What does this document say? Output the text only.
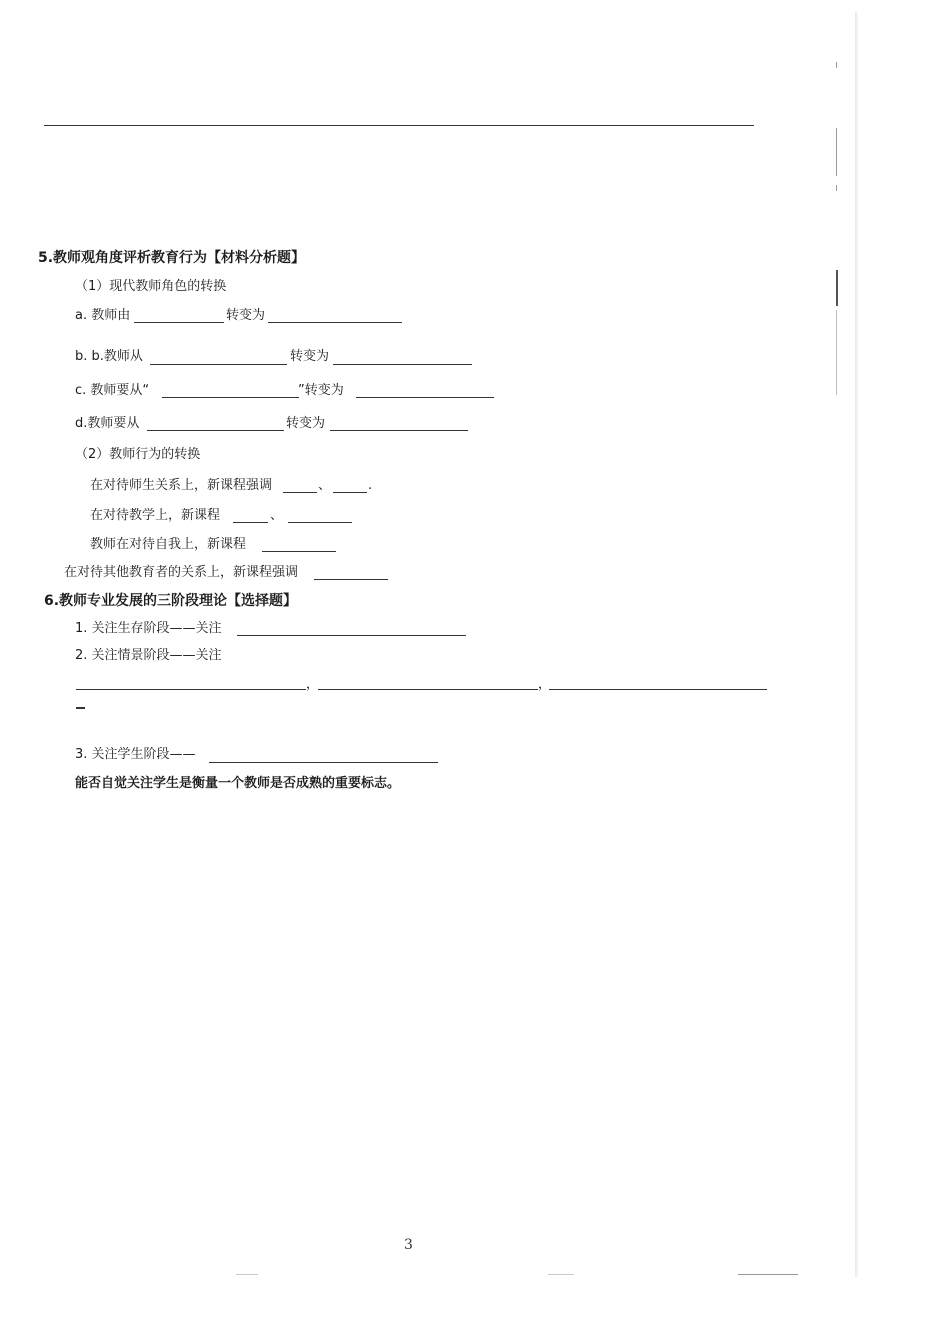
5.教师观角度评析教育行为【材料分析题】
（1）现代教师角色的转换
a. 教师由	转变为
b. b.教师从	转变为
c. 教师要从“	”转变为
d.教师要从	转变为
（2）教师行为的转换
在对待师生关系上，新课程强调	、	.
在对待教学上，新课程	、
教师在对待自我上，新课程
在对待其他教育者的关系上，新课程强调
6.教师专业发展的三阶段理论【选择题】
1. 关注生存阶段——关注
2. 关注情景阶段——关注
，	，
3. 关注学生阶段——
能否自觉关注学生是衡量一个教师是否成熟的重要标志。
3
